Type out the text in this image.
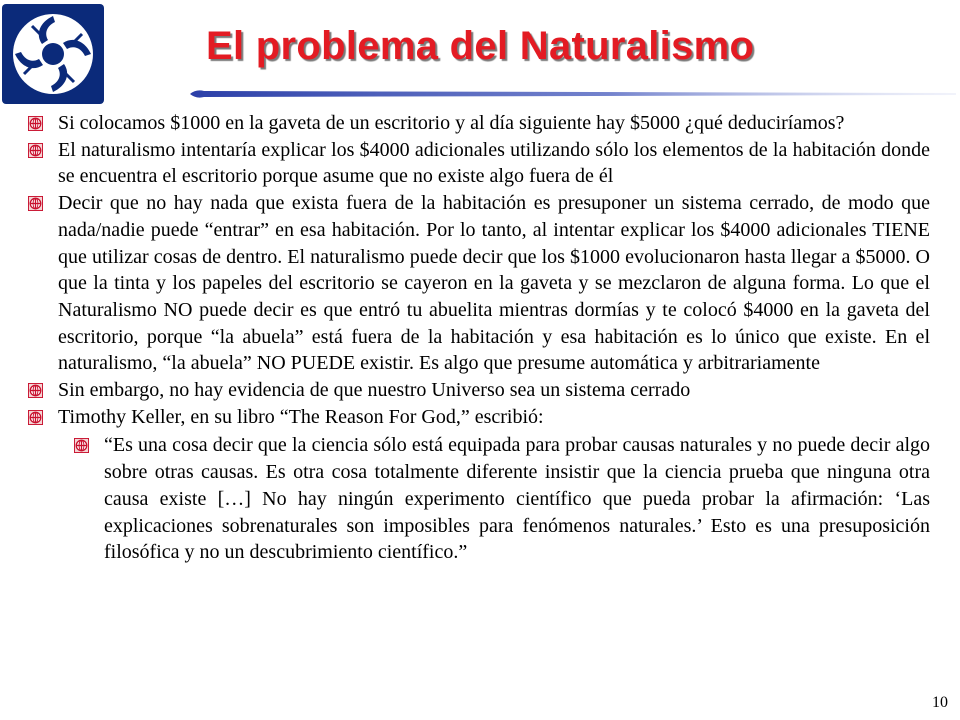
El problema del Naturalismo

Si colocamos $1000 en la gaveta de un escritorio y al día siguiente hay $5000 ¿qué deduciríamos?

El naturalismo intentaría explicar los $4000 adicionales utilizando sólo los elementos de la habitación donde se encuentra el escritorio porque asume que no existe algo fuera de él

Decir que no hay nada que exista fuera de la habitación es presuponer un sistema cerrado, de modo que nada/nadie puede “entrar” en esa habitación. Por lo tanto, al intentar explicar los $4000 adicionales TIENE que utilizar cosas de dentro. El naturalismo puede decir que los $1000 evolucionaron hasta llegar a $5000. O que la tinta y los papeles del escritorio se cayeron en la gaveta y se mezclaron de alguna forma. Lo que el Naturalismo NO puede decir es que entró tu abuelita mientras dormías y te colocó $4000 en la gaveta del escritorio, porque “la abuela” está fuera de la habitación y esa habitación es lo único que existe. En el naturalismo, “la abuela” NO PUEDE existir. Es algo que presume automática y arbitrariamente

Sin embargo, no hay evidencia de que nuestro Universo sea un sistema cerrado

Timothy Keller, en su libro “The Reason For God,” escribió:

“Es una cosa decir que la ciencia sólo está equipada para probar causas naturales y no puede decir algo sobre otras causas. Es otra cosa totalmente diferente insistir que la ciencia prueba que ninguna otra causa existe […] No hay ningún experimento científico que pueda probar la afirmación: ‘Las explicaciones sobrenaturales son imposibles para fenómenos naturales.’ Esto es una presuposición filosófica y no un descubrimiento científico.”

10
